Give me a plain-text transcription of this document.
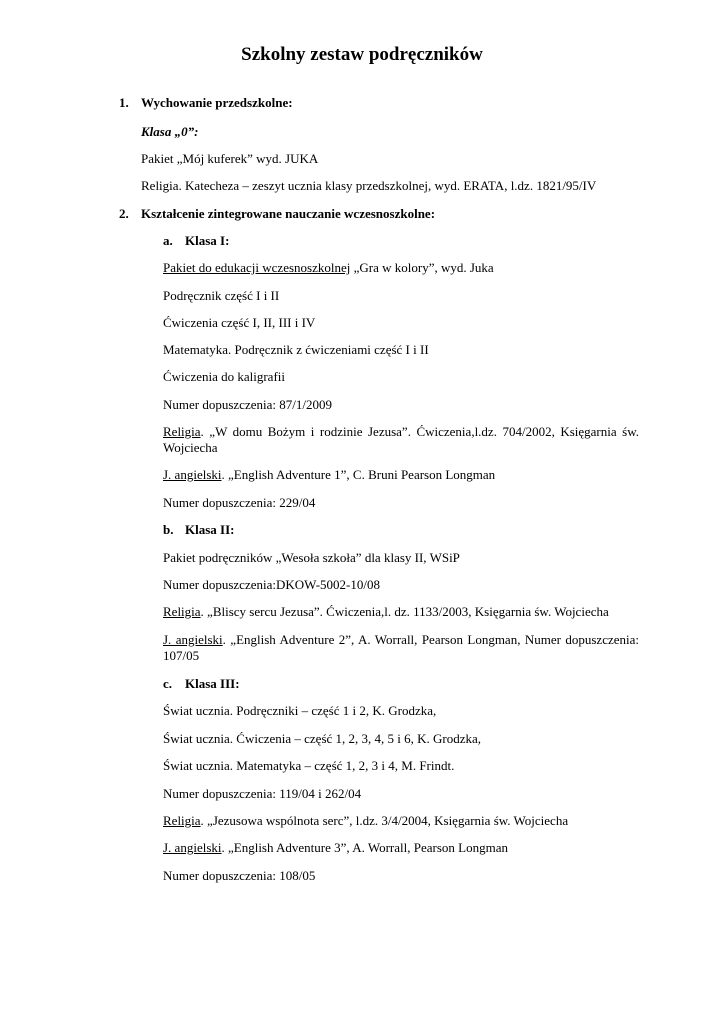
Szkolny zestaw podręczników

1. Wychowanie przedszkolne:

Klasa „0”:

Pakiet „Mój kuferek” wyd. JUKA

Religia. Katecheza – zeszyt ucznia klasy przedszkolnej, wyd. ERATA, l.dz. 1821/95/IV

2. Kształcenie zintegrowane nauczanie wczesnoszkolne:

a. Klasa I:

Pakiet do edukacji wczesnoszkolnej „Gra w kolory”, wyd. Juka

Podręcznik część I i II

Ćwiczenia część I, II, III i IV

Matematyka. Podręcznik z ćwiczeniami część I i II

Ćwiczenia do kaligrafii

Numer dopuszczenia: 87/1/2009

Religia. „W domu Bożym i rodzinie Jezusa”. Ćwiczenia,l.dz. 704/2002, Księgarnia św. Wojciecha

J. angielski. „English Adventure 1”, C. Bruni Pearson Longman

Numer dopuszczenia: 229/04

b. Klasa II:

Pakiet podręczników „Wesoła szkoła” dla klasy II, WSiP

Numer dopuszczenia:DKOW-5002-10/08

Religia. „Bliscy sercu Jezusa”. Ćwiczenia,l. dz. 1133/2003, Księgarnia św. Wojciecha

J. angielski. „English Adventure 2”, A. Worrall, Pearson Longman, Numer dopuszczenia: 107/05

c. Klasa III:

Świat ucznia. Podręczniki – część 1 i 2, K. Grodzka,

Świat ucznia. Ćwiczenia – część 1, 2, 3, 4, 5 i 6, K. Grodzka,

Świat ucznia. Matematyka – część 1, 2, 3 i 4, M. Frindt.

Numer dopuszczenia: 119/04 i 262/04

Religia. „Jezusowa wspólnota serc”, l.dz. 3/4/2004, Księgarnia św. Wojciecha

J. angielski. „English Adventure 3”, A. Worrall, Pearson Longman

Numer dopuszczenia: 108/05
